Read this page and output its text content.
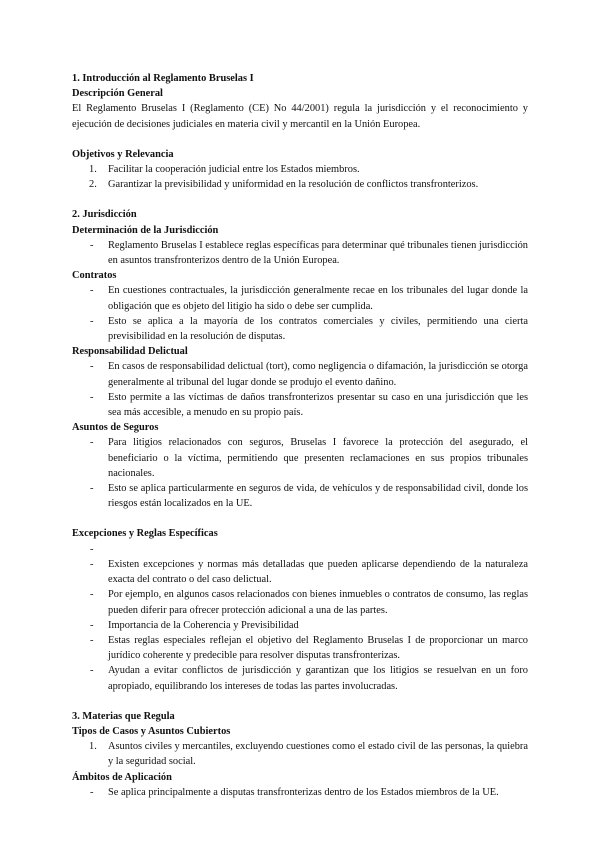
1. Introducción al Reglamento Bruselas I
Descripción General

El Reglamento Bruselas I (Reglamento (CE) No 44/2001) regula la jurisdicción y el reconocimiento y ejecución de decisiones judiciales en materia civil y mercantil en la Unión Europea.

Objetivos y Relevancia
1. Facilitar la cooperación judicial entre los Estados miembros.
2. Garantizar la previsibilidad y uniformidad en la resolución de conflictos transfronterizos.
2. Jurisdicción
Determinación de la Jurisdicción
- Reglamento Bruselas I establece reglas específicas para determinar qué tribunales tienen jurisdicción en asuntos transfronterizos dentro de la Unión Europea.
Contratos
- En cuestiones contractuales, la jurisdicción generalmente recae en los tribunales del lugar donde la obligación que es objeto del litigio ha sido o debe ser cumplida.
- Esto se aplica a la mayoría de los contratos comerciales y civiles, permitiendo una cierta previsibilidad en la resolución de disputas.
Responsabilidad Delictual
- En casos de responsabilidad delictual (tort), como negligencia o difamación, la jurisdicción se otorga generalmente al tribunal del lugar donde se produjo el evento dañino.
- Esto permite a las víctimas de daños transfronterizos presentar su caso en una jurisdicción que les sea más accesible, a menudo en su propio país.
Asuntos de Seguros
- Para litigios relacionados con seguros, Bruselas I favorece la protección del asegurado, el beneficiario o la víctima, permitiendo que presenten reclamaciones en sus propios tribunales nacionales.
- Esto se aplica particularmente en seguros de vida, de vehículos y de responsabilidad civil, donde los riesgos están localizados en la UE.
Excepciones y Reglas Específicas
-

- Existen excepciones y normas más detalladas que pueden aplicarse dependiendo de la naturaleza exacta del contrato o del caso delictual.
- Por ejemplo, en algunos casos relacionados con bienes inmuebles o contratos de consumo, las reglas pueden diferir para ofrecer protección adicional a una de las partes.
- Importancia de la Coherencia y Previsibilidad
- Estas reglas especiales reflejan el objetivo del Reglamento Bruselas I de proporcionar un marco jurídico coherente y predecible para resolver disputas transfronterizas.
- Ayudan a evitar conflictos de jurisdicción y garantizan que los litigios se resuelvan en un foro apropiado, equilibrando los intereses de todas las partes involucradas.
3. Materias que Regula
Tipos de Casos y Asuntos Cubiertos
1. Asuntos civiles y mercantiles, excluyendo cuestiones como el estado civil de las personas, la quiebra y la seguridad social.
Ámbitos de Aplicación
- Se aplica principalmente a disputas transfronterizas dentro de los Estados miembros de la UE.
